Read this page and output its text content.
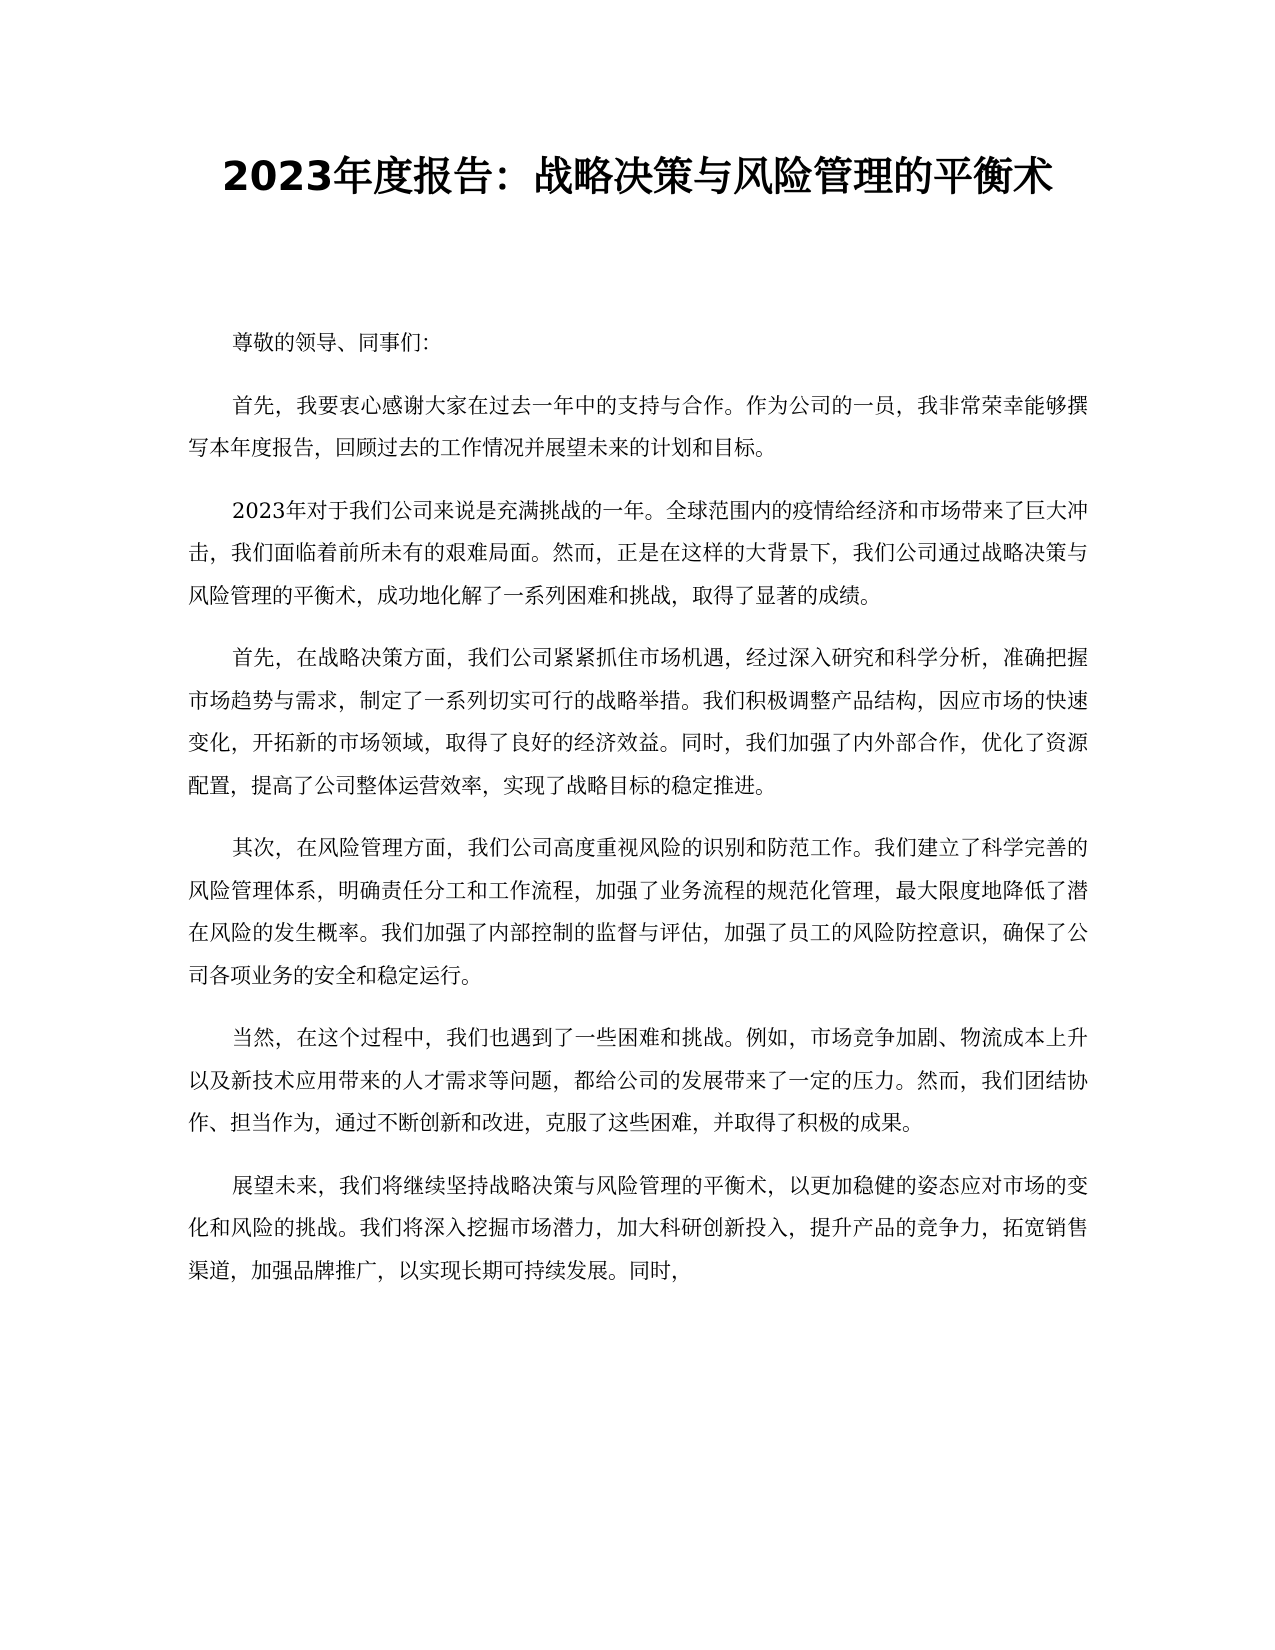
2023年度报告：战略决策与风险管理的平衡术

尊敬的领导、同事们：

首先，我要衷心感谢大家在过去一年中的支持与合作。作为公司的一员，我非常荣幸能够撰写本年度报告，回顾过去的工作情况并展望未来的计划和目标。

2023年对于我们公司来说是充满挑战的一年。全球范围内的疫情给经济和市场带来了巨大冲击，我们面临着前所未有的艰难局面。然而，正是在这样的大背景下，我们公司通过战略决策与风险管理的平衡术，成功地化解了一系列困难和挑战，取得了显著的成绩。

首先，在战略决策方面，我们公司紧紧抓住市场机遇，经过深入研究和科学分析，准确把握市场趋势与需求，制定了一系列切实可行的战略举措。我们积极调整产品结构，因应市场的快速变化，开拓新的市场领域，取得了良好的经济效益。同时，我们加强了内外部合作，优化了资源配置，提高了公司整体运营效率，实现了战略目标的稳定推进。

其次，在风险管理方面，我们公司高度重视风险的识别和防范工作。我们建立了科学完善的风险管理体系，明确责任分工和工作流程，加强了业务流程的规范化管理，最大限度地降低了潜在风险的发生概率。我们加强了内部控制的监督与评估，加强了员工的风险防控意识，确保了公司各项业务的安全和稳定运行。

当然，在这个过程中，我们也遇到了一些困难和挑战。例如，市场竞争加剧、物流成本上升以及新技术应用带来的人才需求等问题，都给公司的发展带来了一定的压力。然而，我们团结协作、担当作为，通过不断创新和改进，克服了这些困难，并取得了积极的成果。

展望未来，我们将继续坚持战略决策与风险管理的平衡术，以更加稳健的姿态应对市场的变化和风险的挑战。我们将深入挖掘市场潜力，加大科研创新投入，提升产品的竞争力，拓宽销售渠道，加强品牌推广，以实现长期可持续发展。同时，
